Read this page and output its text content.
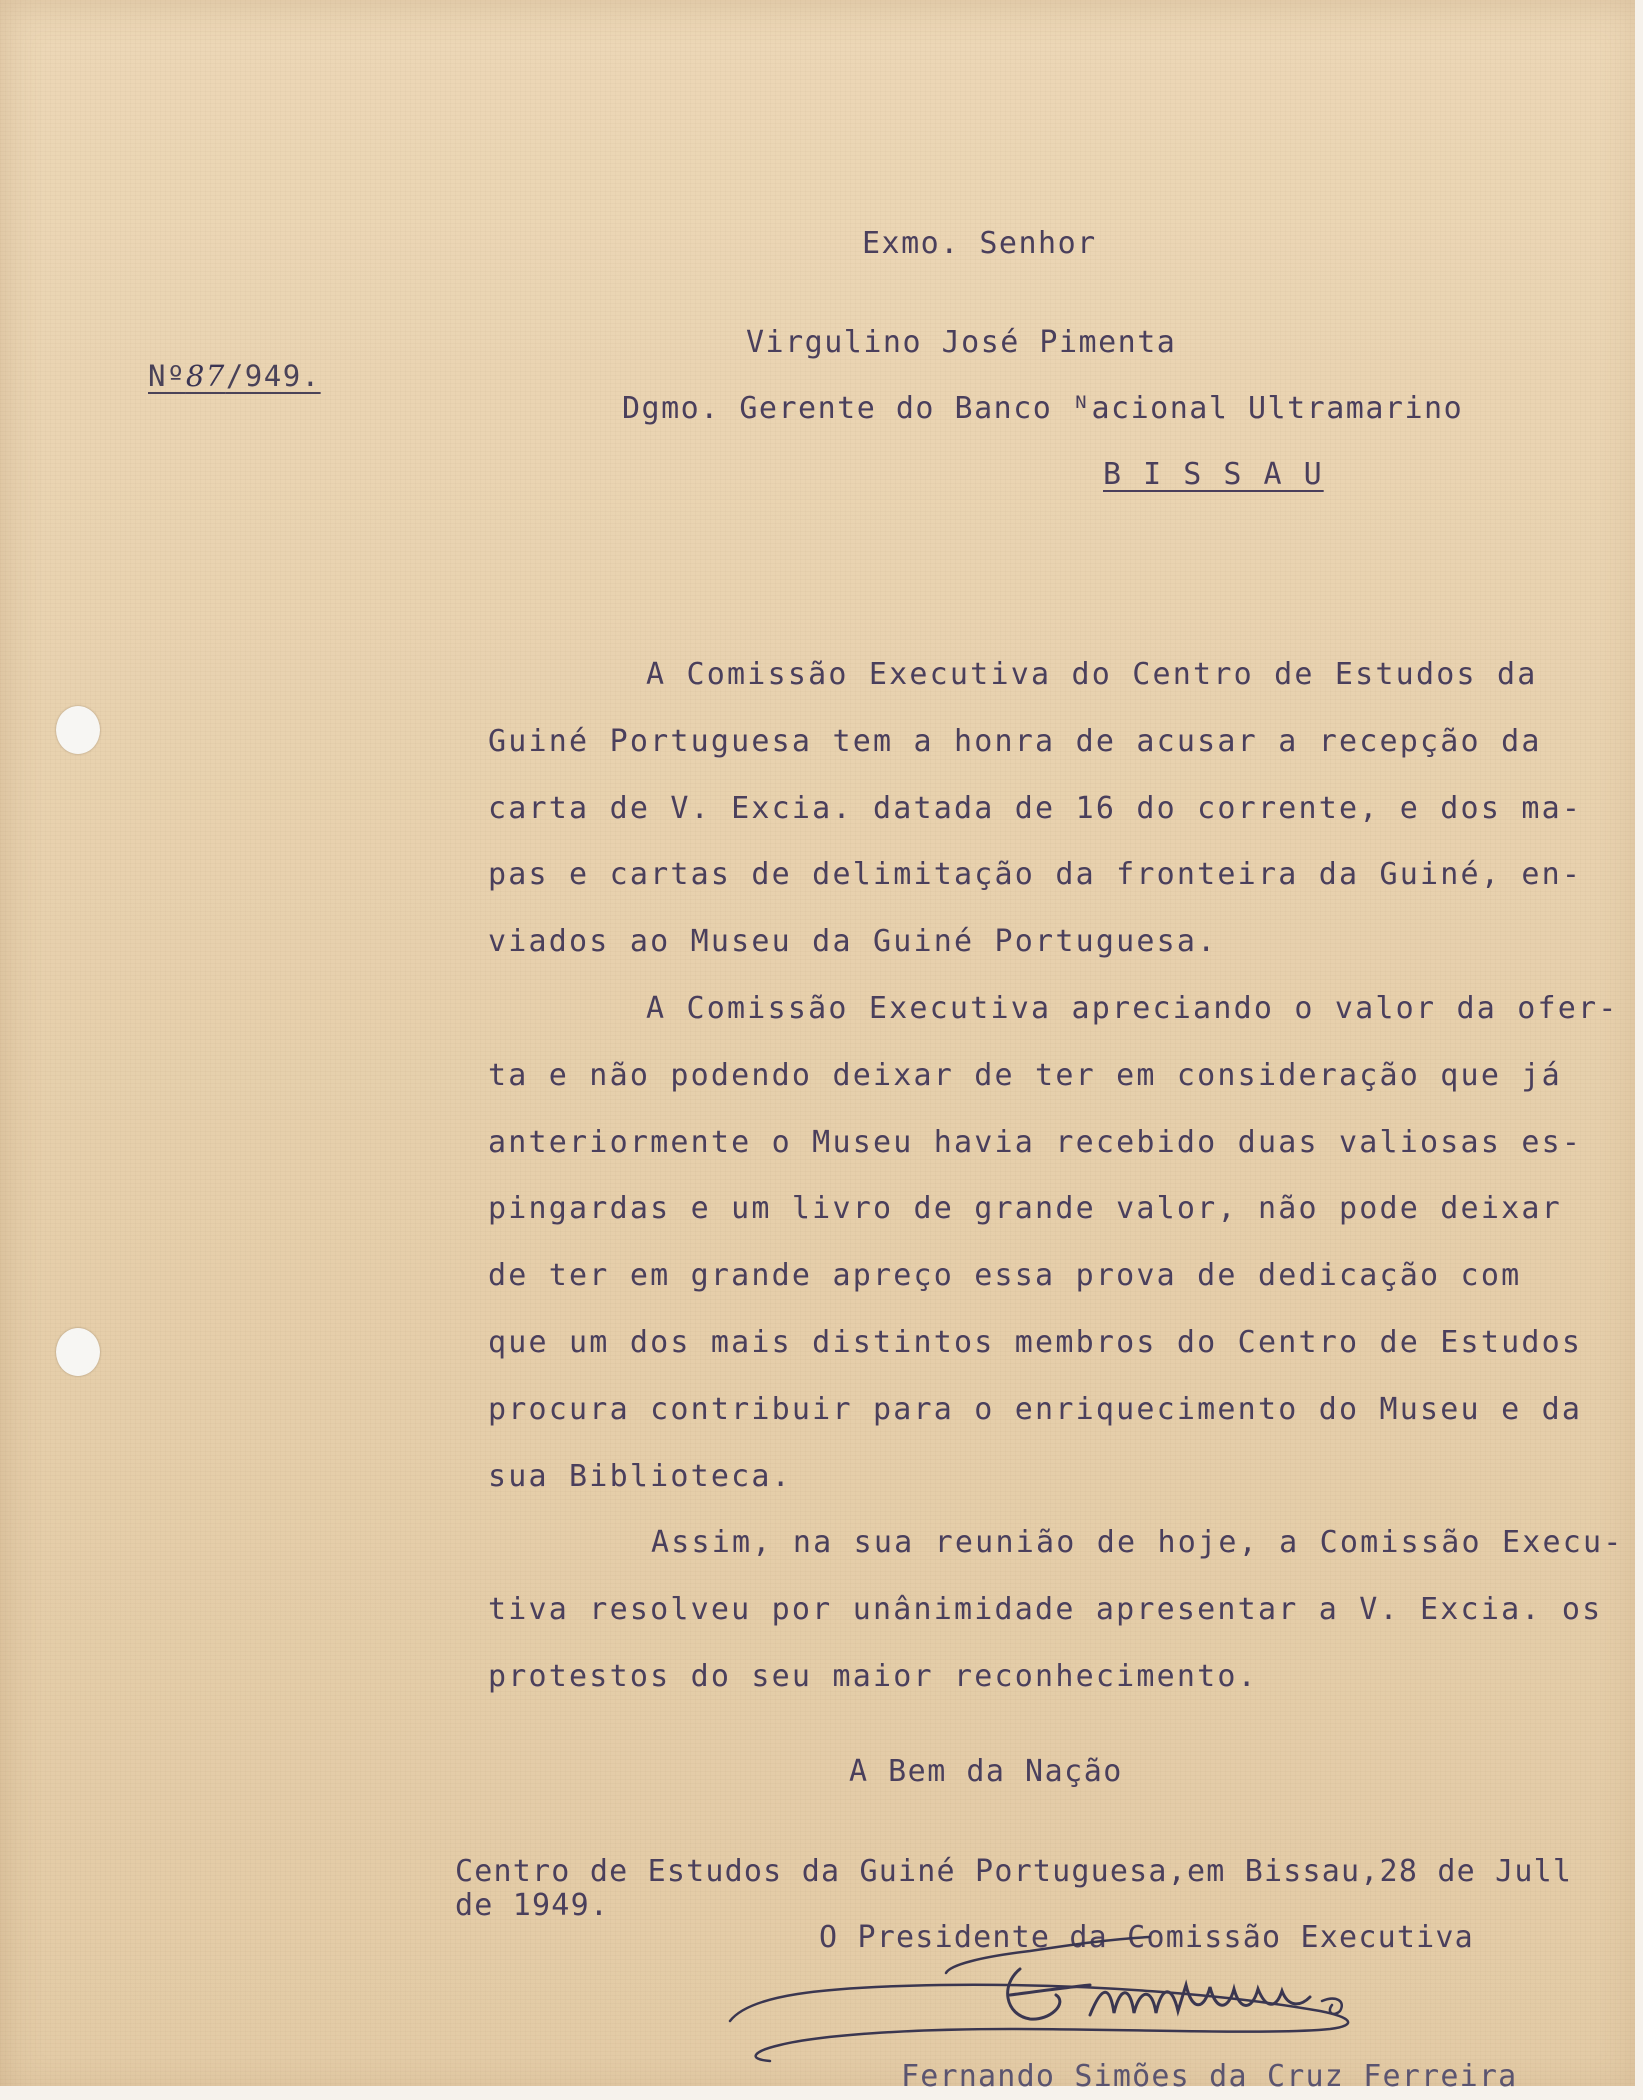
Nº87/949.
Exmo. Senhor
Virgulino José Pimenta
Dgmo. Gerente do Banco ᴺacional Ultramarino
B I S S A U
A Comissão Executiva do Centro de Estudos da
Guiné Portuguesa tem a honra de acusar a recepção da
carta de V. Excia. datada de 16 do corrente, e dos ma-
pas e cartas de delimitação da fronteira da Guiné, en-
viados ao Museu da Guiné Portuguesa.
A Comissão Executiva apreciando o valor da ofer-
ta e não podendo deixar de ter em consideração que já
anteriormente o Museu havia recebido duas valiosas es-
pingardas e um livro de grande valor, não pode deixar
de ter em grande apreço essa prova de dedicação com
que um dos mais distintos membros do Centro de Estudos
procura contribuir para o enriquecimento do Museu e da
sua Biblioteca.
Assim, na sua reunião de hoje, a Comissão Execu-
tiva resolveu por unânimidade apresentar a V. Excia. os
protestos do seu maior reconhecimento.
A Bem da Nação
Centro de Estudos da Guiné Portuguesa,em Bissau,28 de Jull
de 1949.
O Presidente da Comissão Executiva
Fernando Simões da Cruz Ferreira
